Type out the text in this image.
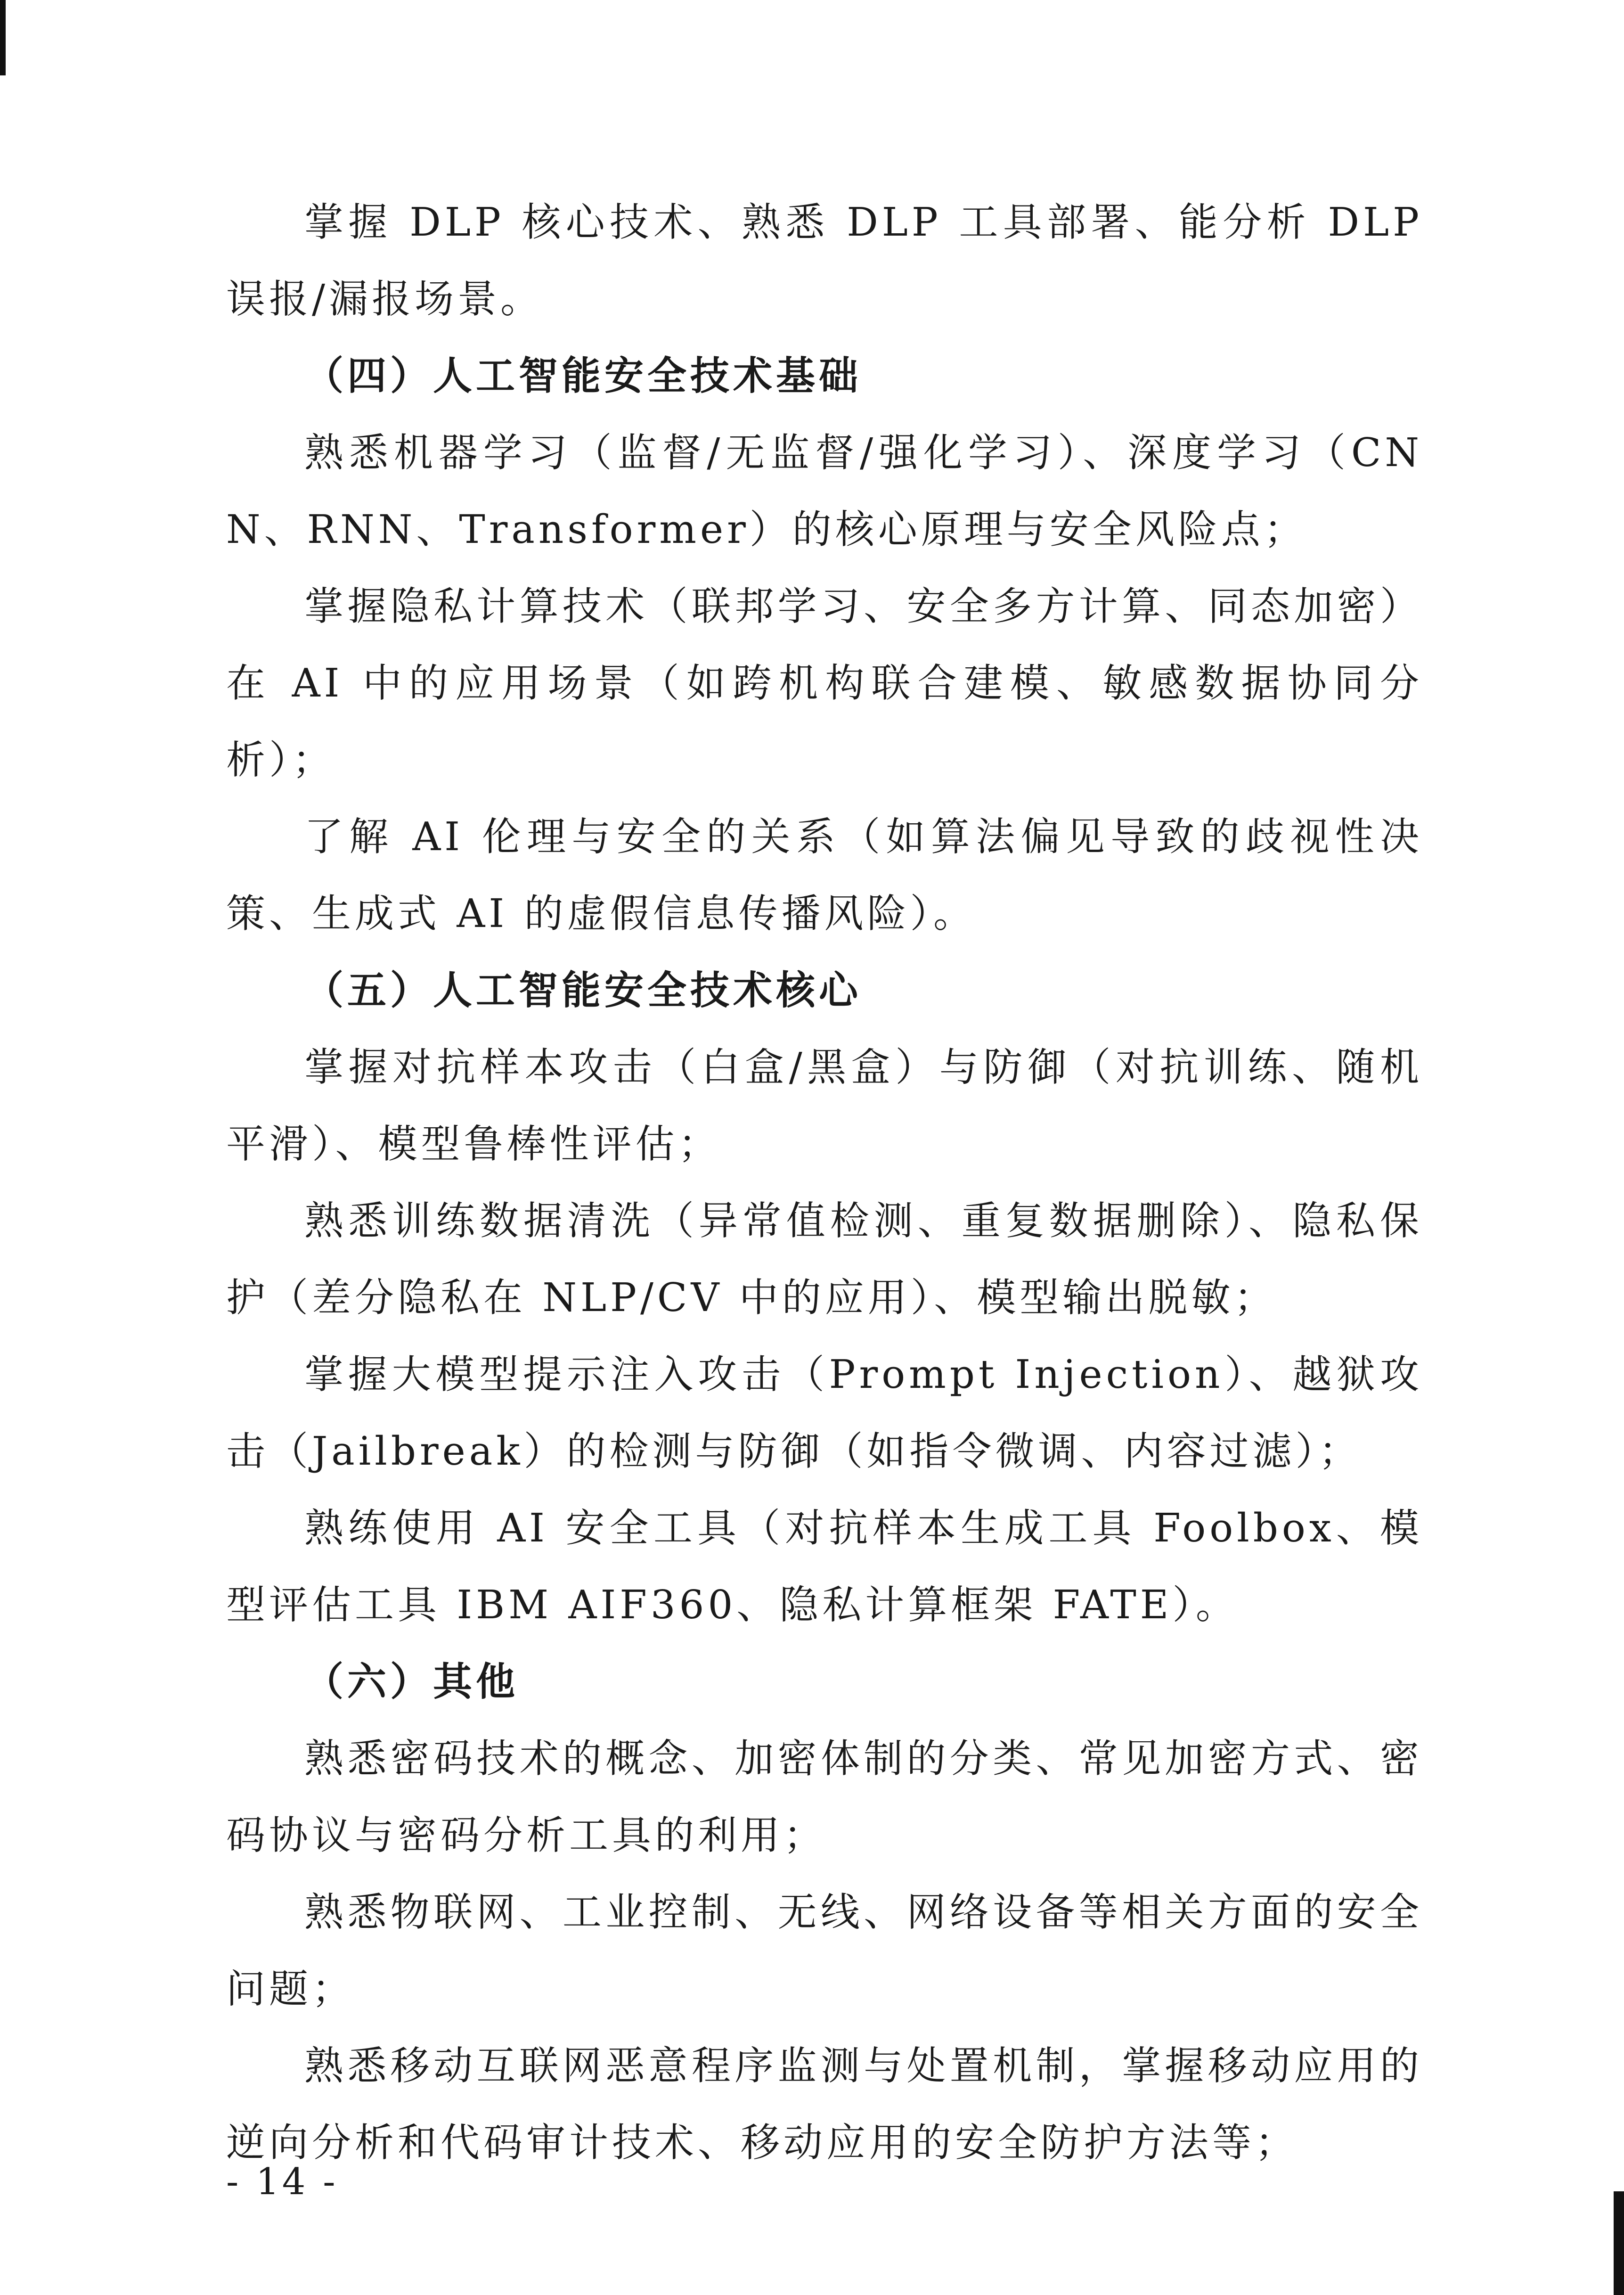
掌握 DLP 核心技术、熟悉 DLP 工具部署、能分析 DLP 误报/漏报场景。

（四）人工智能安全技术基础

熟悉机器学习（监督/无监督/强化学习）、深度学习（CNN、RNN、Transformer）的核心原理与安全风险点；

掌握隐私计算技术（联邦学习、安全多方计算、同态加密）在 AI 中的应用场景（如跨机构联合建模、敏感数据协同分析）；

了解 AI 伦理与安全的关系（如算法偏见导致的歧视性决策、生成式 AI 的虚假信息传播风险）。

（五）人工智能安全技术核心

掌握对抗样本攻击（白盒/黑盒）与防御（对抗训练、随机平滑）、模型鲁棒性评估；

熟悉训练数据清洗（异常值检测、重复数据删除）、隐私保护（差分隐私在 NLP/CV 中的应用）、模型输出脱敏；

掌握大模型提示注入攻击（Prompt Injection）、越狱攻击（Jailbreak）的检测与防御（如指令微调、内容过滤）；

熟练使用 AI 安全工具（对抗样本生成工具 Foolbox、模型评估工具 IBM AIF360、隐私计算框架 FATE）。

（六）其他

熟悉密码技术的概念、加密体制的分类、常见加密方式、密码协议与密码分析工具的利用；

熟悉物联网、工业控制、无线、网络设备等相关方面的安全问题；

熟悉移动互联网恶意程序监测与处置机制，掌握移动应用的逆向分析和代码审计技术、移动应用的安全防护方法等；

- 14 -
